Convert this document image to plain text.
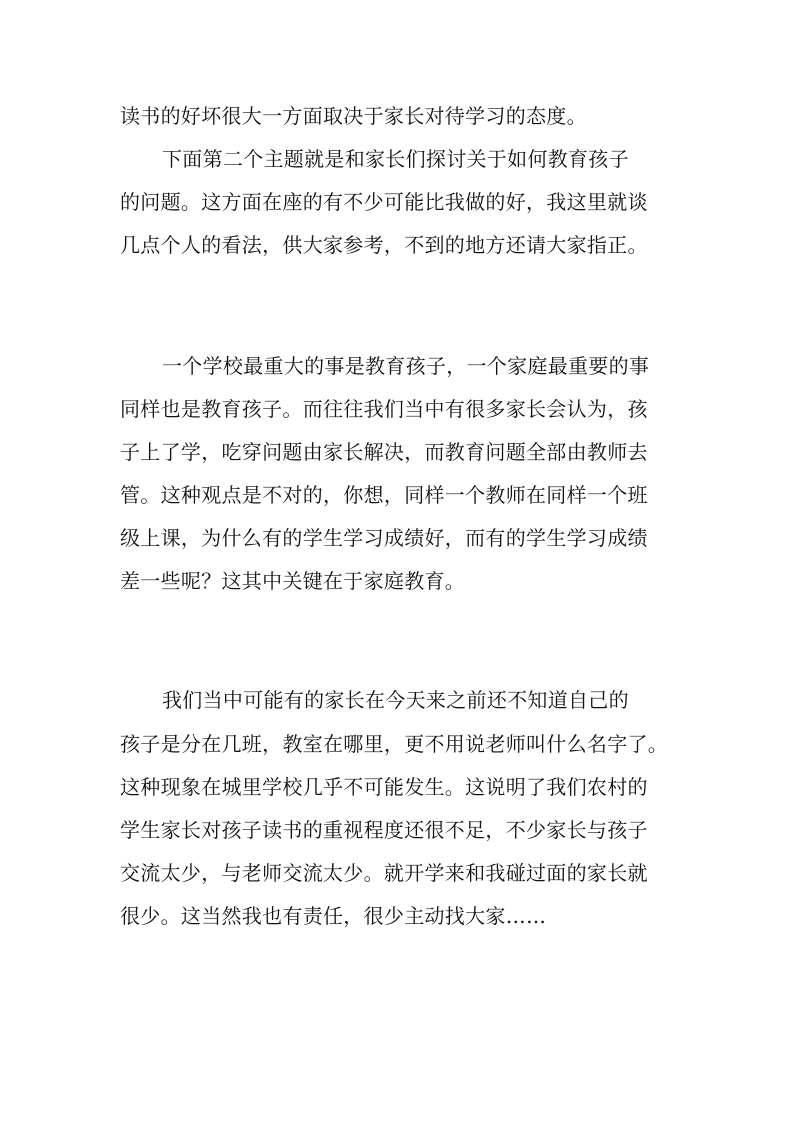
读书的好坏很大一方面取决于家长对待学习的态度。
下面第二个主题就是和家长们探讨关于如何教育孩子
的问题。这方面在座的有不少可能比我做的好，我这里就谈
几点个人的看法，供大家参考，不到的地方还请大家指正。
一个学校最重大的事是教育孩子，一个家庭最重要的事
同样也是教育孩子。而往往我们当中有很多家长会认为，孩
子上了学，吃穿问题由家长解决，而教育问题全部由教师去
管。这种观点是不对的，你想，同样一个教师在同样一个班
级上课，为什么有的学生学习成绩好，而有的学生学习成绩
差一些呢？这其中关键在于家庭教育。
我们当中可能有的家长在今天来之前还不知道自己的
孩子是分在几班，教室在哪里，更不用说老师叫什么名字了。
这种现象在城里学校几乎不可能发生。这说明了我们农村的
学生家长对孩子读书的重视程度还很不足，不少家长与孩子
交流太少，与老师交流太少。就开学来和我碰过面的家长就
很少。这当然我也有责任，很少主动找大家……
